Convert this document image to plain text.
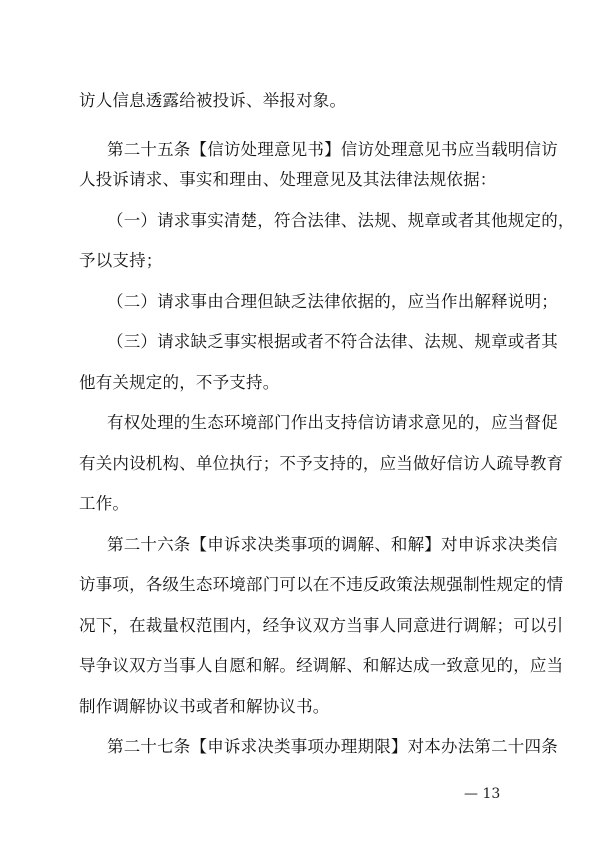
访人信息透露给被投诉、举报对象。
第二十五条【信访处理意见书】信访处理意见书应当载明信访
人投诉请求、事实和理由、处理意见及其法律法规依据：
（一）请求事实清楚，符合法律、法规、规章或者其他规定的，
予以支持；
（二）请求事由合理但缺乏法律依据的，应当作出解释说明；
（三）请求缺乏事实根据或者不符合法律、法规、规章或者其
他有关规定的，不予支持。
有权处理的生态环境部门作出支持信访请求意见的，应当督促
有关内设机构、单位执行；不予支持的，应当做好信访人疏导教育
工作。
第二十六条【申诉求决类事项的调解、和解】对申诉求决类信
访事项，各级生态环境部门可以在不违反政策法规强制性规定的情
况下，在裁量权范围内，经争议双方当事人同意进行调解；可以引
导争议双方当事人自愿和解。经调解、和解达成一致意见的，应当
制作调解协议书或者和解协议书。
第二十七条【申诉求决类事项办理期限】对本办法第二十四条
— 13
